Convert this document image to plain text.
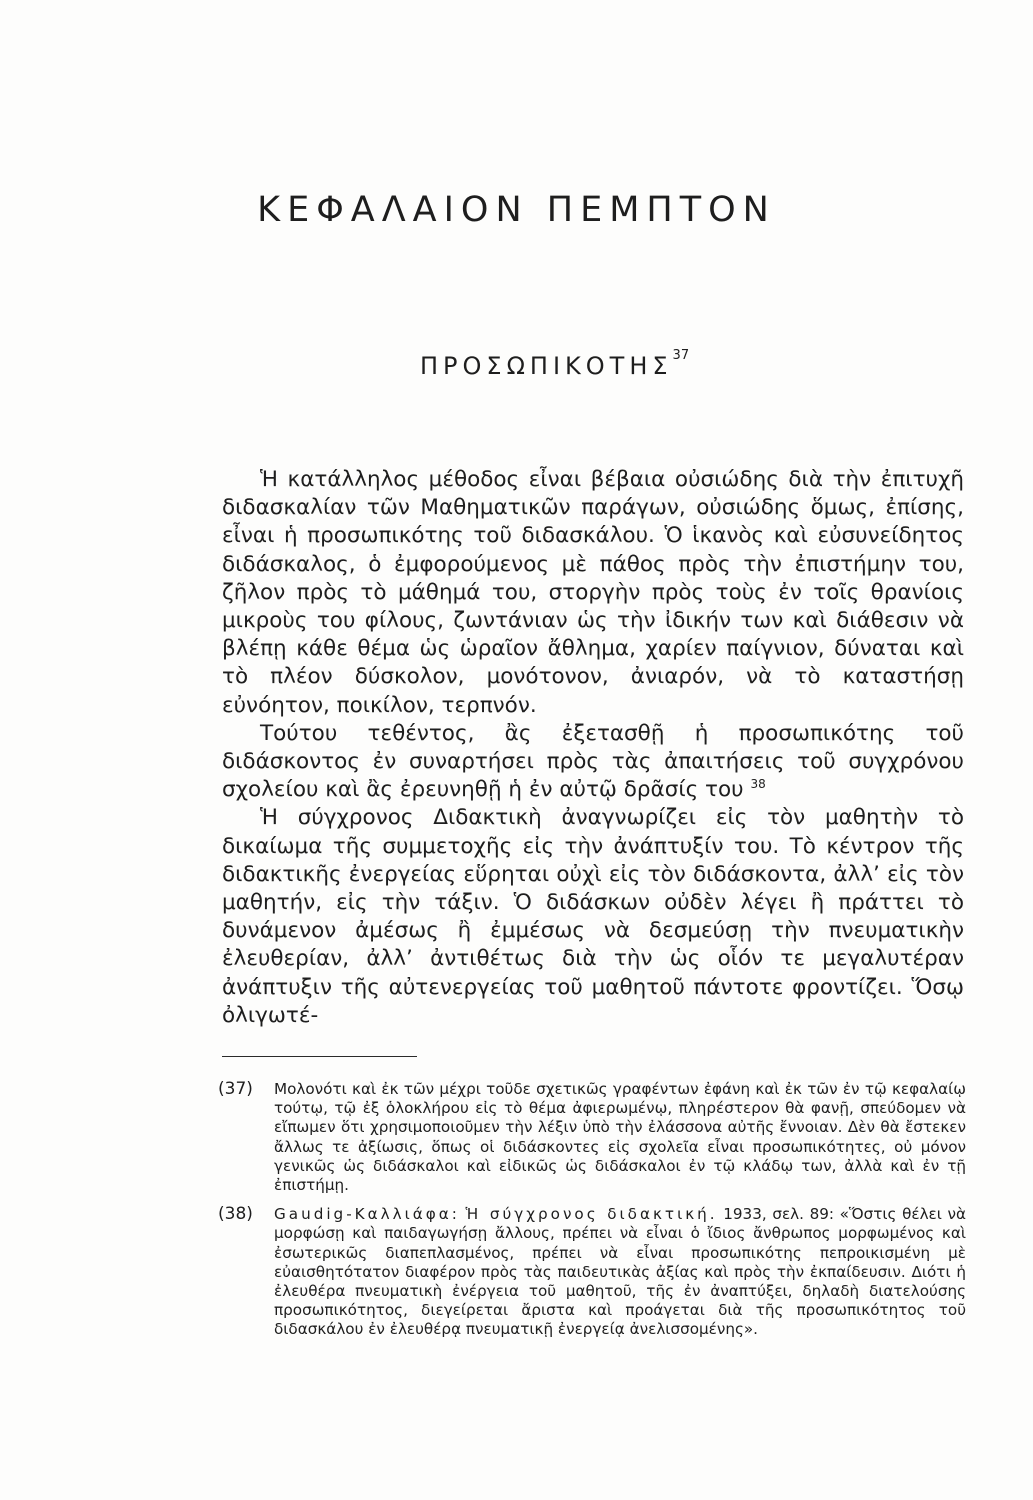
ΚΕΦΑΛΑΙΟΝ ΠΕΜΠΤΟΝ
ΠΡΟΣΩΠΙΚΟΤΗΣ$^{37}$

Ἡ κατάλληλος μέθοδος εἶναι βέβαια οὐσιώδης διὰ τὴν ἐπιτυχῆ διδασκαλίαν τῶν Μαθηματικῶν παράγων, οὐσιώδης ὅμως, ἐπίσης, εἶναι ἡ προσωπικότης τοῦ διδασκάλου. Ὁ ἱκανὸς καὶ εὐσυνείδητος διδάσκαλος, ὁ ἐμφορούμενος μὲ πάθος πρὸς τὴν ἐπιστήμην του, ζῆλον πρὸς τὸ μάθημά του, στοργὴν πρὸς τοὺς ἐν τοῖς θρανίοις μικροὺς του φίλους, ζωντάνιαν ὡς τὴν ἰδικήν των καὶ διάθεσιν νὰ βλέπῃ κάθε θέμα ὡς ὡραῖον ἄθλημα, χαρίεν παίγνιον, δύναται καὶ τὸ πλέον δύσκολον, μονότονον, ἀνιαρόν, νὰ τὸ καταστήσῃ εὐνόητον, ποικίλον, τερπνόν.

Τούτου τεθέντος, ἂς ἐξετασθῇ ἡ προσωπικότης τοῦ διδάσκοντος ἐν συναρτήσει πρὸς τὰς ἀπαιτήσεις τοῦ συγχρόνου σχολείου καὶ ἂς ἐρευνηθῇ ἡ ἐν αὐτῷ δρᾶσίς του $^{38}$

Ἡ σύγχρονος Διδακτικὴ ἀναγνωρίζει εἰς τὸν μαθητὴν τὸ δικαίωμα τῆς συμμετοχῆς εἰς τὴν ἀνάπτυξίν του. Τὸ κέντρον τῆς διδακτικῆς ἐνεργείας εὕρηται οὐχὶ εἰς τὸν διδάσκοντα, ἀλλ’ εἰς τὸν μαθητήν, εἰς τὴν τάξιν. Ὁ διδάσκων οὐδὲν λέγει ἢ πράττει τὸ δυνάμενον ἀμέσως ἢ ἐμμέσως νὰ δεσμεύσῃ τὴν πνευματικὴν ἐλευθερίαν, ἀλλ’ ἀντιθέτως διὰ τὴν ὡς οἷόν τε μεγαλυτέραν ἀνάπτυξιν τῆς αὐτενεργείας τοῦ μαθητοῦ πάντοτε φροντίζει. Ὅσῳ ὀλιγωτέ-

(37)	Μολονότι καὶ ἐκ τῶν μέχρι τοῦδε σχετικῶς γραφέντων ἐφάνη καὶ ἐκ τῶν ἐν τῷ κεφαλαίῳ τούτῳ, τῷ ἐξ ὁλοκλήρου εἰς τὸ θέμα ἀφιερωμένῳ, πληρέστερον θὰ φανῇ, σπεύδομεν νὰ εἴπωμεν ὅτι χρησιμοποιοῦμεν τὴν λέξιν ὑπὸ τὴν ἐλάσσονα αὐτῆς ἔννοιαν. Δὲν θὰ ἔστεκεν ἄλλως τε ἀξίωσις, ὅπως οἱ διδάσκοντες εἰς σχολεῖα εἶναι προσωπικότητες, οὐ μόνον γενικῶς ὡς διδάσκαλοι καὶ εἰδικῶς ὡς διδάσκαλοι ἐν τῷ κλάδῳ των, ἀλλὰ καὶ ἐν τῇ ἐπιστήμῃ.
(38)	Gaudig-Καλλιάφα: Ἡ σύγχρονος διδακτική. 1933, σελ. 89: «Ὅστις θέλει νὰ μορφώσῃ καὶ παιδαγωγήσῃ ἄλλους, πρέπει νὰ εἶναι ὁ ἴδιος ἄνθρωπος μορφωμένος καὶ ἐσωτερικῶς διαπεπλασμένος, πρέπει νὰ εἶναι προσωπικότης πεπροικισμένη μὲ εὐαισθητότατον διαφέρον πρὸς τὰς παιδευτικὰς ἀξίας καὶ πρὸς τὴν ἐκπαίδευσιν. Διότι ἡ ἐλευθέρα πνευματικὴ ἐνέργεια τοῦ μαθητοῦ, τῆς ἐν ἀναπτύξει, δηλαδὴ διατελούσης προσωπικότητος, διεγείρεται ἄριστα καὶ προάγεται διὰ τῆς προσωπικότητος τοῦ διδασκάλου ἐν ἐλευθέρᾳ πνευματικῇ ἐνεργείᾳ ἀνελισσομένης».
